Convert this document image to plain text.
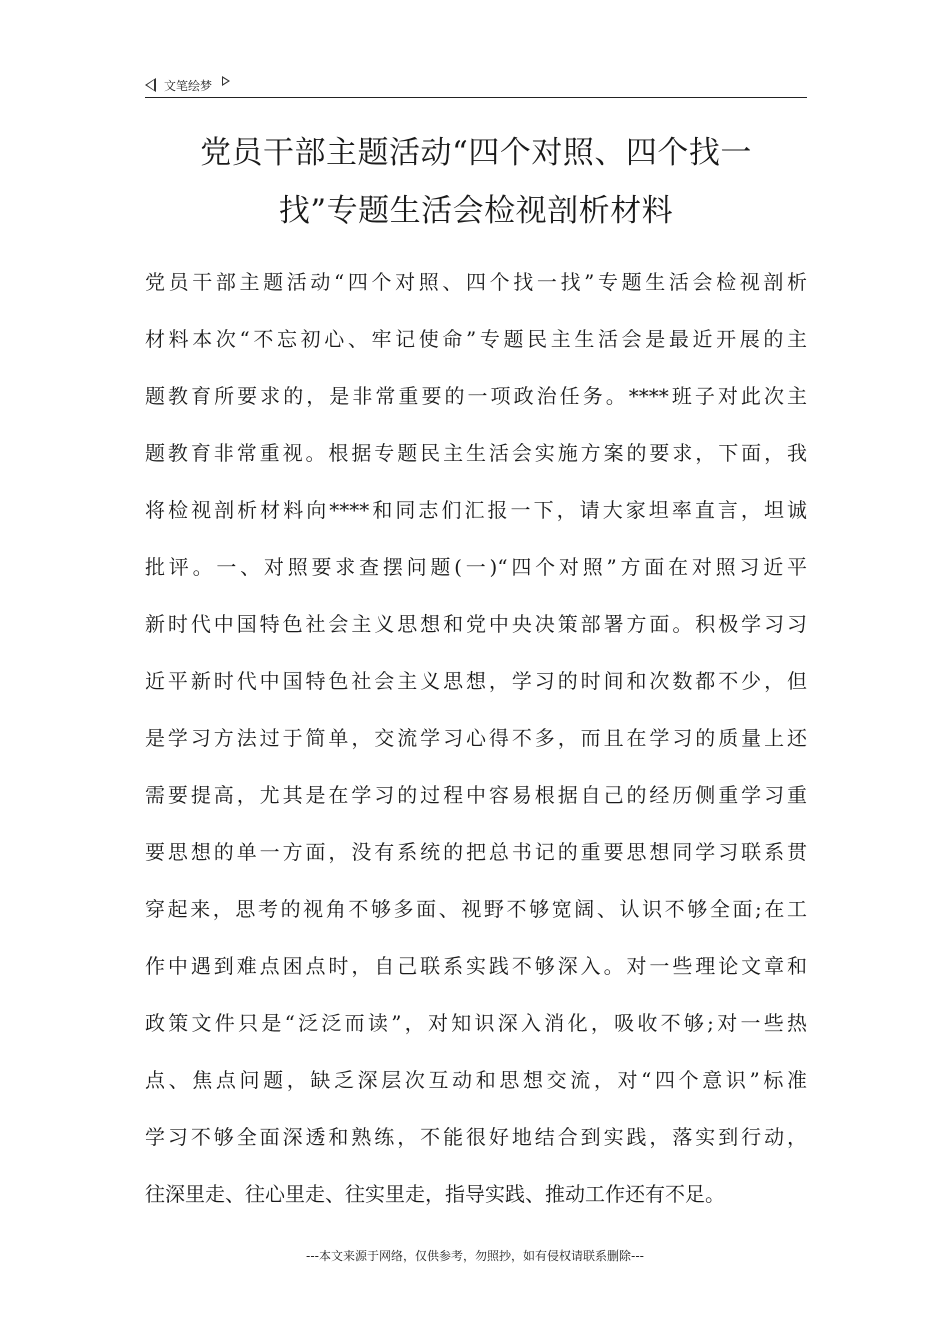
文笔绘梦
党员干部主题活动“四个对照、四个找一
找”专题生活会检视剖析材料
党员干部主题活动“四个对照、四个找一找”专题生活会检视剖析
材料本次“不忘初心、牢记使命”专题民主生活会是最近开展的主
题教育所要求的，是非常重要的一项政治任务。****班子对此次主
题教育非常重视。根据专题民主生活会实施方案的要求，下面，我
将检视剖析材料向****和同志们汇报一下，请大家坦率直言，坦诚
批评。一、对照要求查摆问题(一)“四个对照”方面在对照习近平
新时代中国特色社会主义思想和党中央决策部署方面。积极学习习
近平新时代中国特色社会主义思想，学习的时间和次数都不少，但
是学习方法过于简单，交流学习心得不多，而且在学习的质量上还
需要提高，尤其是在学习的过程中容易根据自己的经历侧重学习重
要思想的单一方面，没有系统的把总书记的重要思想同学习联系贯
穿起来，思考的视角不够多面、视野不够宽阔、认识不够全面;在工
作中遇到难点困点时，自己联系实践不够深入。对一些理论文章和
政策文件只是“泛泛而读”，对知识深入消化，吸收不够;对一些热
点、焦点问题，缺乏深层次互动和思想交流，对“四个意识”标准
学习不够全面深透和熟练，不能很好地结合到实践，落实到行动，
往深里走、往心里走、往实里走，指导实践、推动工作还有不足。
---本文来源于网络，仅供参考，勿照抄，如有侵权请联系删除---
